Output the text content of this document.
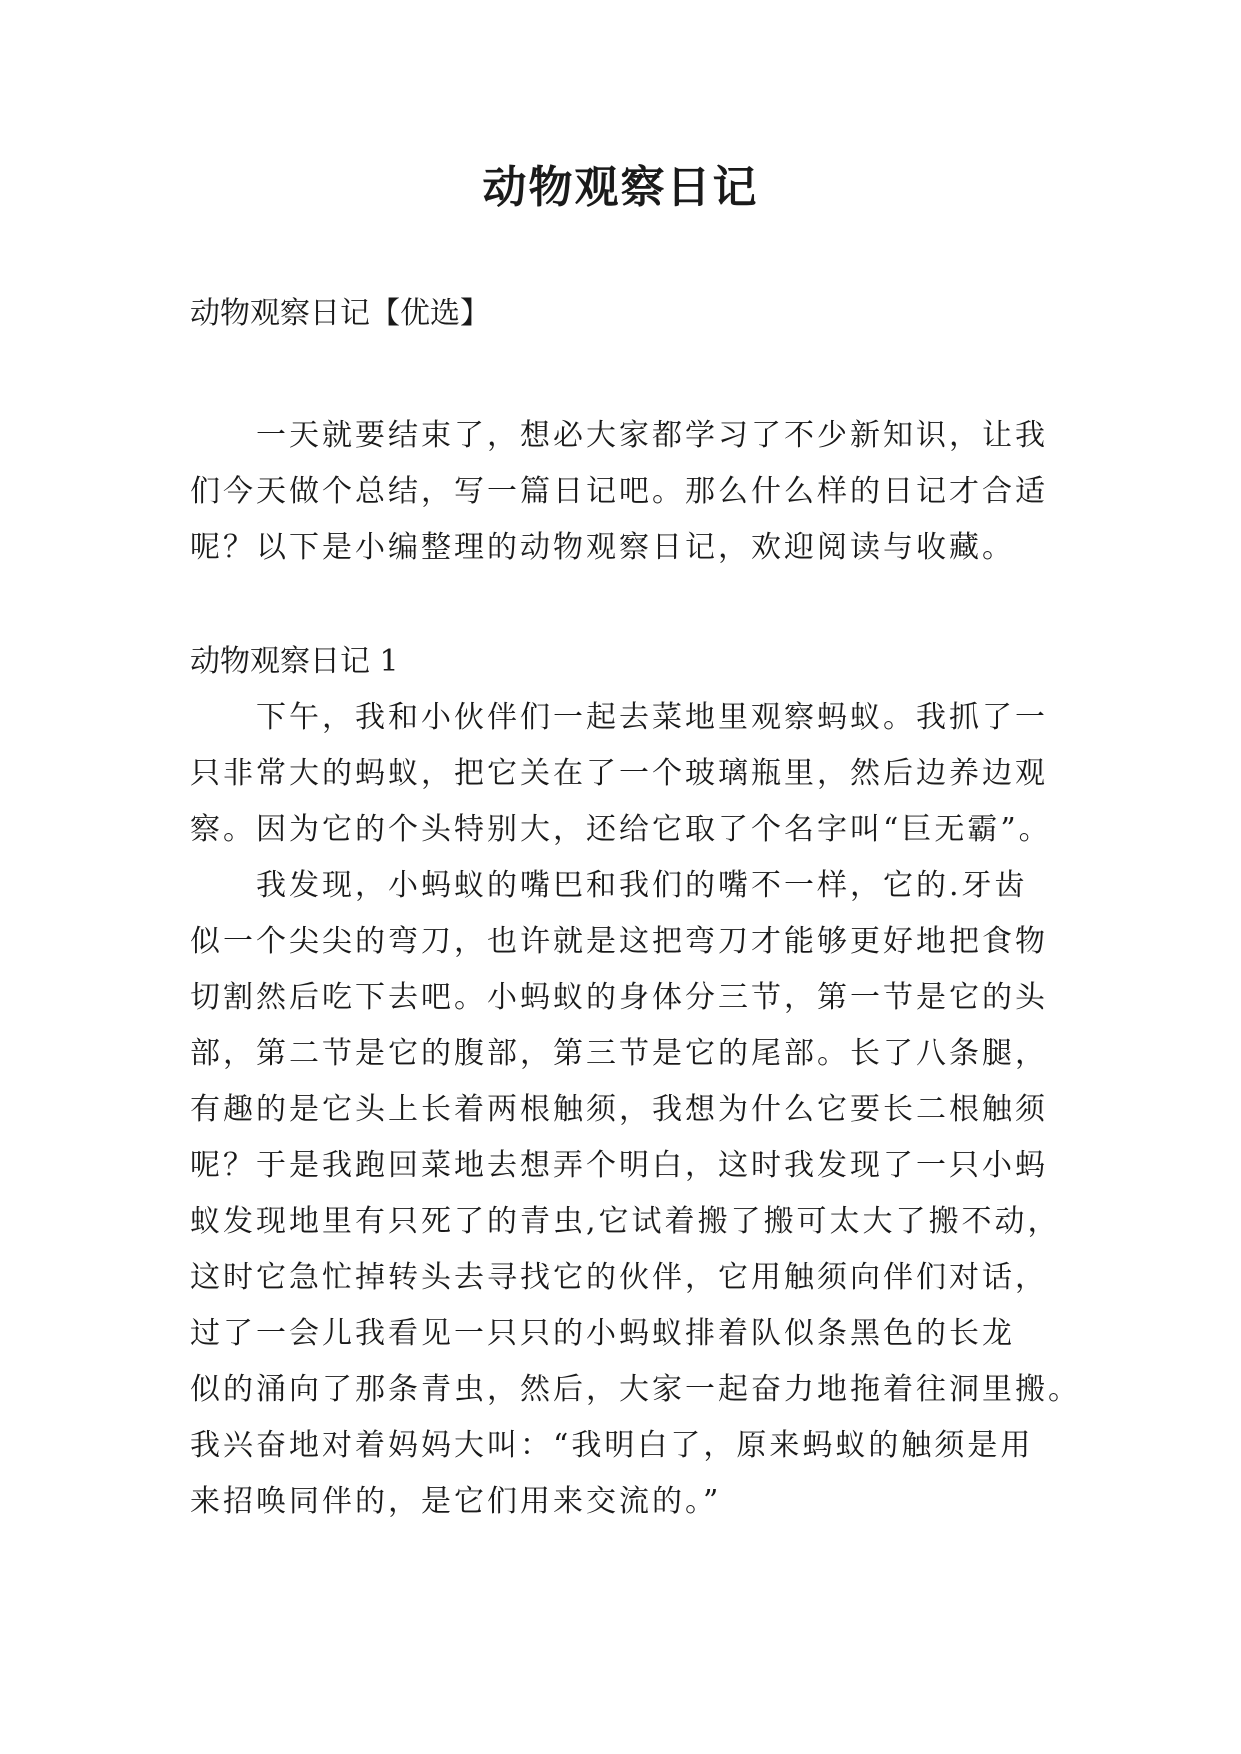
动物观察日记
动物观察日记【优选】
一天就要结束了，想必大家都学习了不少新知识，让我
们今天做个总结，写一篇日记吧。那么什么样的日记才合适
呢？以下是小编整理的动物观察日记，欢迎阅读与收藏。
动物观察日记 1
下午，我和小伙伴们一起去菜地里观察蚂蚁。我抓了一
只非常大的蚂蚁，把它关在了一个玻璃瓶里，然后边养边观
察。因为它的个头特别大，还给它取了个名字叫“巨无霸”。
我发现，小蚂蚁的嘴巴和我们的嘴不一样，它的.牙齿
似一个尖尖的弯刀，也许就是这把弯刀才能够更好地把食物
切割然后吃下去吧。小蚂蚁的身体分三节，第一节是它的头
部，第二节是它的腹部，第三节是它的尾部。长了八条腿，
有趣的是它头上长着两根触须，我想为什么它要长二根触须
呢？于是我跑回菜地去想弄个明白，这时我发现了一只小蚂
蚁发现地里有只死了的青虫,它试着搬了搬可太大了搬不动，
这时它急忙掉转头去寻找它的伙伴，它用触须向伴们对话，
过了一会儿我看见一只只的小蚂蚁排着队似条黑色的长龙
似的涌向了那条青虫，然后，大家一起奋力地拖着往洞里搬。
我兴奋地对着妈妈大叫：“我明白了，原来蚂蚁的触须是用
来招唤同伴的，是它们用来交流的。”
